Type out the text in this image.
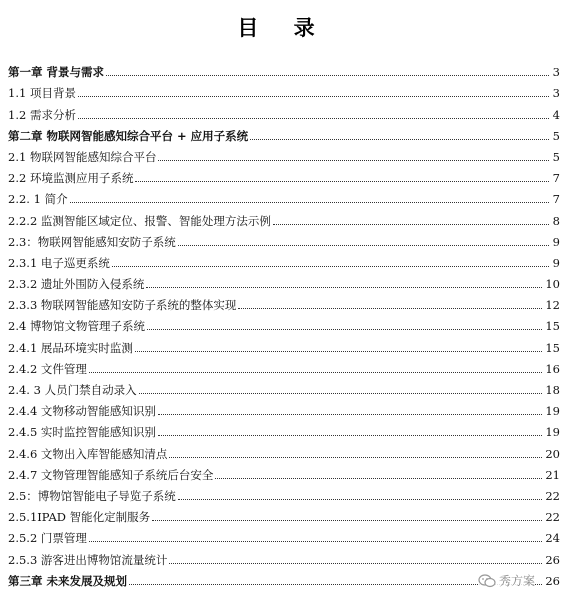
目 录
第一章 背景与需求	3
1.1 项目背景	3
1.2 需求分析	4
第二章 物联网智能感知综合平台 + 应用子系统	5
2.1 物联网智能感知综合平台	5
2.2 环境监测应用子系统	7
2.2. 1 简介	7
2.2.2 监测智能区域定位、报警、智能处理方法示例	8
2.3：物联网智能感知安防子系统	9
2.3.1 电子巡更系统	9
2.3.2 遗址外围防入侵系统	10
2.3.3 物联网智能感知安防子系统的整体实现	12
2.4 博物馆文物管理子系统	15
2.4.1 展品环境实时监测	15
2.4.2 文件管理	16
2.4. 3 人员门禁自动录入	18
2.4.4 文物移动智能感知识别	19
2.4.5 实时监控智能感知识别	19
2.4.6 文物出入库智能感知清点	20
2.4.7 文物管理智能感知子系统后台安全	21
2.5：博物馆智能电子导览子系统	22
2.5.1IPAD 智能化定制服务	22
2.5.2 门票管理	24
2.5.3 游客进出博物馆流量统计	26
第三章 未来发展及规划	26
秀方案
